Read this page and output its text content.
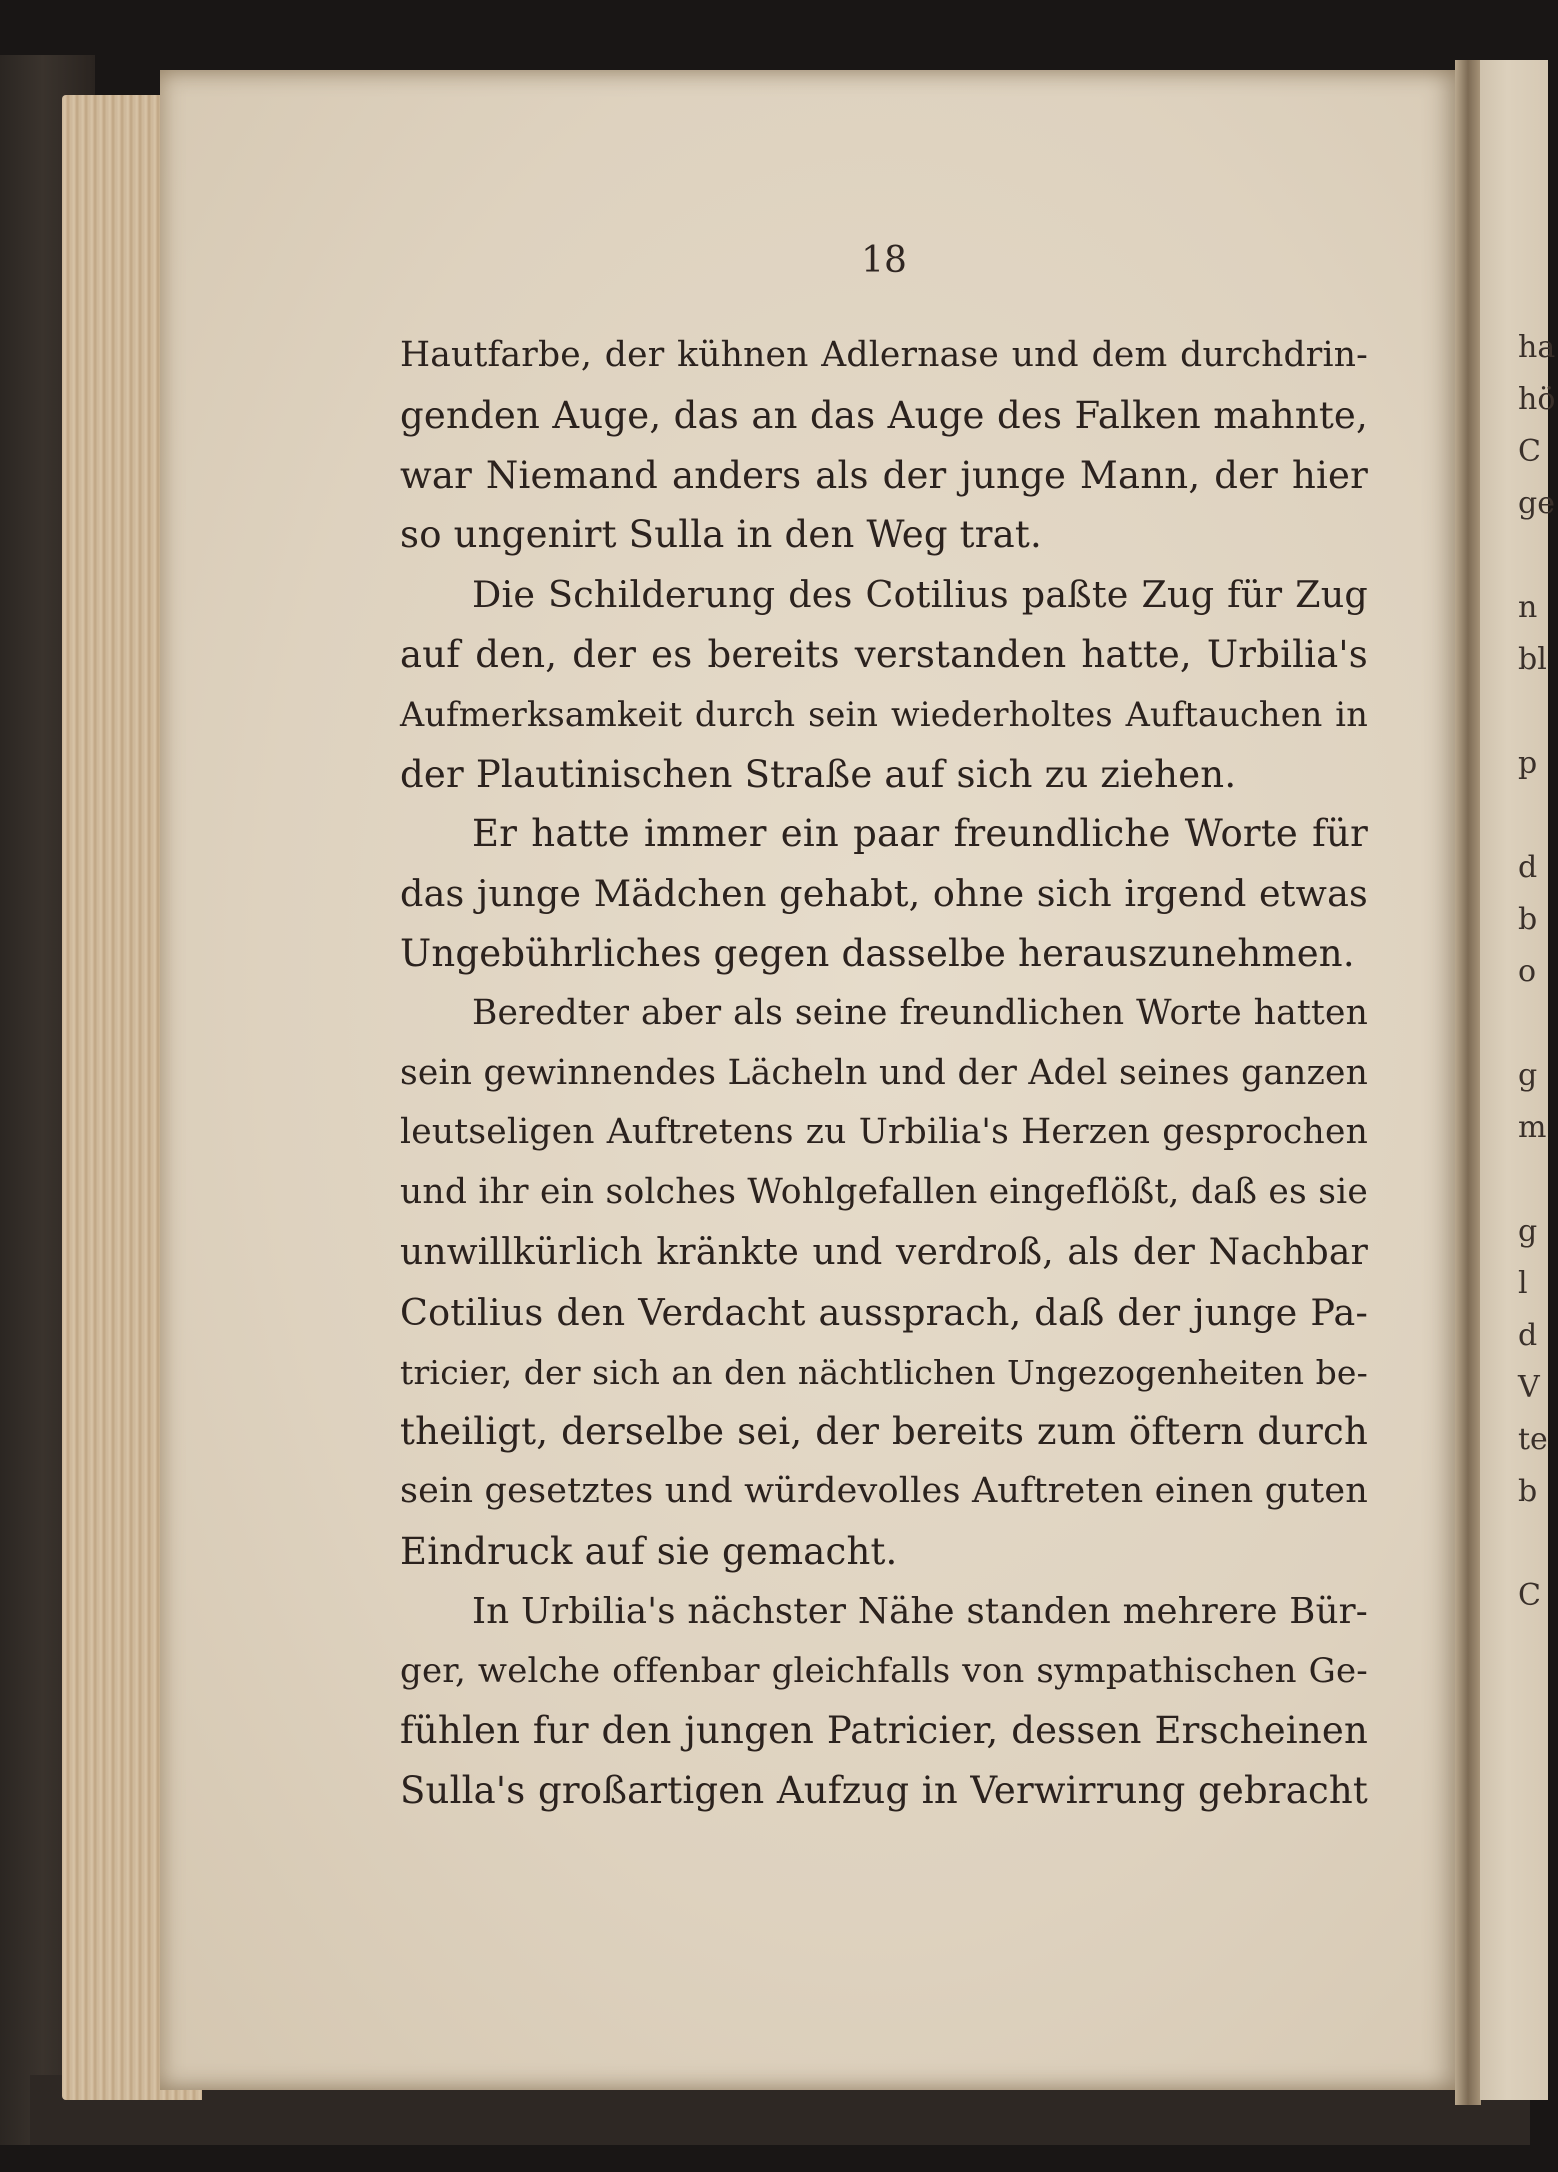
ha
hö
C
ge
n
bl
p
d
b
o
g
m
g
l
d
V
te
b
C
18
Hautfarbe, der kühnen Adlernase und dem durchdrin-
genden Auge, das an das Auge des Falken mahnte,
war Niemand anders als der junge Mann, der hier
so ungenirt Sulla in den Weg trat.
Die Schilderung des Cotilius paßte Zug für Zug
auf den, der es bereits verstanden hatte, Urbilia's
Aufmerksamkeit durch sein wiederholtes Auftauchen in
der Plautinischen Straße auf sich zu ziehen.
Er hatte immer ein paar freundliche Worte für
das junge Mädchen gehabt, ohne sich irgend etwas
Ungebührliches gegen dasselbe herauszunehmen.
Beredter aber als seine freundlichen Worte hatten
sein gewinnendes Lächeln und der Adel seines ganzen
leutseligen Auftretens zu Urbilia's Herzen gesprochen
und ihr ein solches Wohlgefallen eingeflößt, daß es sie
unwillkürlich kränkte und verdroß, als der Nachbar
Cotilius den Verdacht aussprach, daß der junge Pa-
tricier, der sich an den nächtlichen Ungezogenheiten be-
theiligt, derselbe sei, der bereits zum öftern durch
sein gesetztes und würdevolles Auftreten einen guten
Eindruck auf sie gemacht.
In Urbilia's nächster Nähe standen mehrere Bür-
ger, welche offenbar gleichfalls von sympathischen Ge-
fühlen fur den jungen Patricier, dessen Erscheinen
Sulla's großartigen Aufzug in Verwirrung gebracht
